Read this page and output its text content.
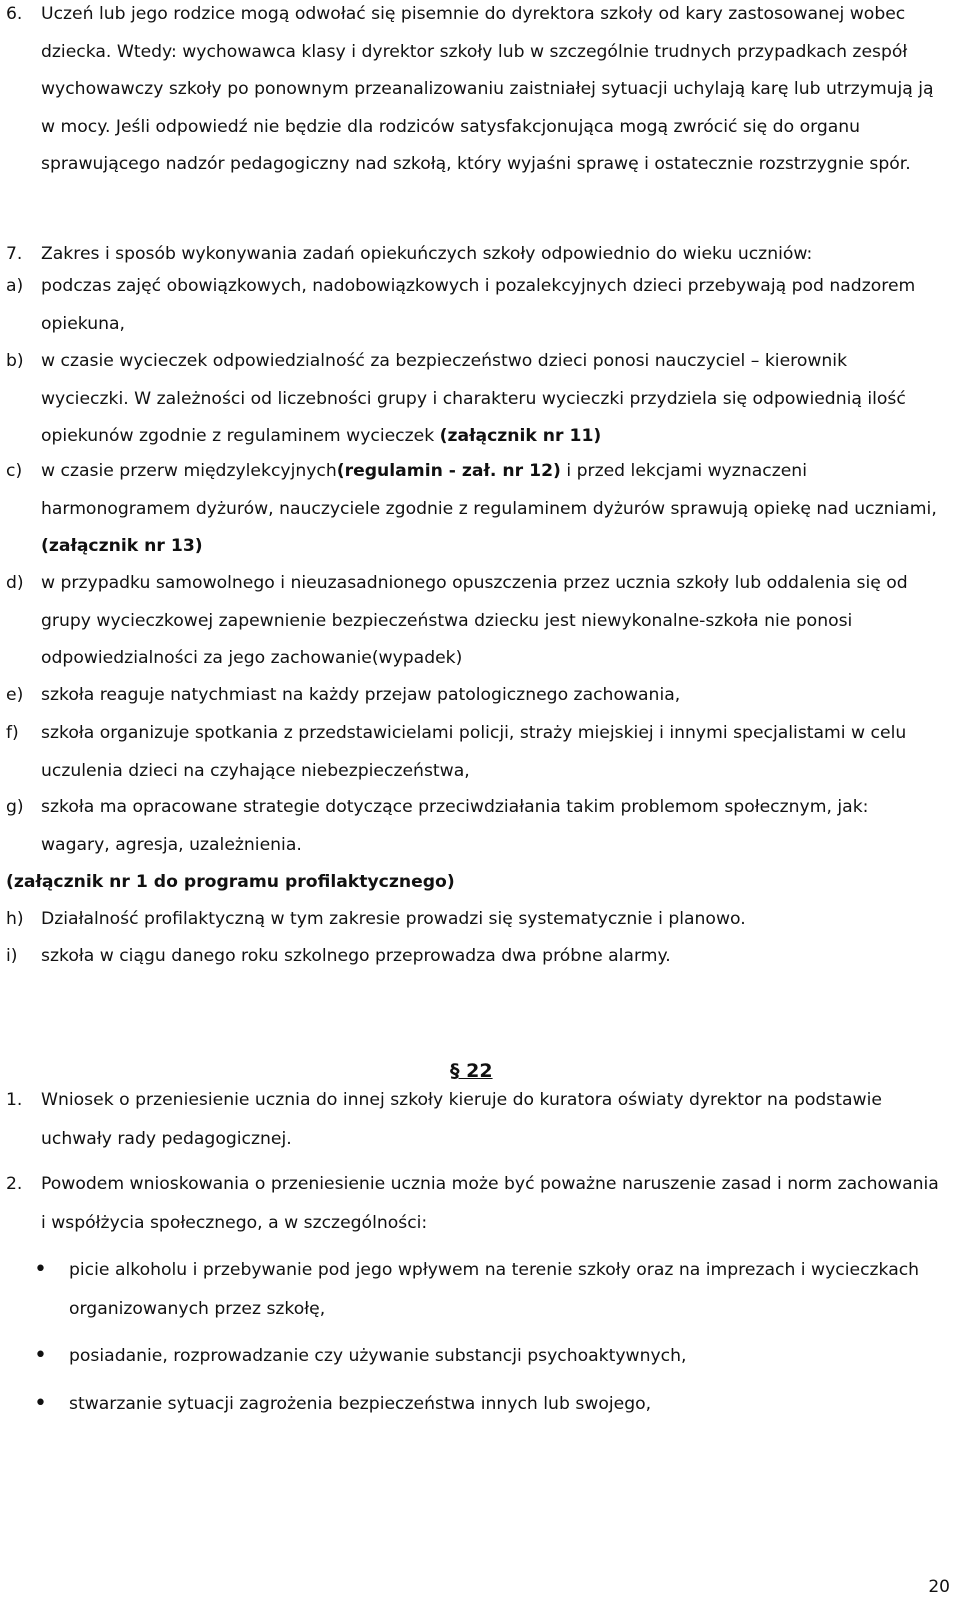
6. Uczeń lub jego rodzice mogą odwołać się pisemnie do dyrektora szkoły od kary zastosowanej wobec dziecka. Wtedy: wychowawca klasy i dyrektor szkoły lub w szczególnie trudnych przypadkach zespół wychowawczy szkoły po ponownym przeanalizowaniu zaistniałej sytuacji uchylają karę lub utrzymują ją w mocy. Jeśli odpowiedź nie będzie dla rodziców satysfakcjonująca mogą zwrócić się do organu sprawującego nadzór pedagogiczny nad szkołą, który wyjaśni sprawę i ostatecznie rozstrzygnie spór.
7. Zakres i sposób wykonywania zadań opiekuńczych szkoły odpowiednio do wieku uczniów:
a) podczas zajęć obowiązkowych, nadobowiązkowych i pozalekcyjnych dzieci przebywają pod nadzorem opiekuna,
b) w czasie wycieczek odpowiedzialność za bezpieczeństwo dzieci ponosi nauczyciel – kierownik wycieczki. W zależności od liczebności grupy i charakteru wycieczki przydziela się odpowiednią ilość opiekunów zgodnie z regulaminem wycieczek (załącznik nr 11)
c) w czasie przerw międzylekcyjnych(regulamin - zał. nr 12) i przed lekcjami wyznaczeni harmonogramem dyżurów, nauczyciele zgodnie z regulaminem dyżurów sprawują opiekę nad uczniami,(załącznik nr 13)
d) w przypadku samowolnego i nieuzasadnionego opuszczenia przez ucznia szkoły lub oddalenia się od grupy wycieczkowej zapewnienie bezpieczeństwa dziecku jest niewykonalne-szkoła nie ponosi odpowiedzialności za jego zachowanie(wypadek)
e) szkoła reaguje natychmiast na każdy przejaw patologicznego zachowania,
f) szkoła organizuje spotkania z przedstawicielami policji, straży miejskiej i innymi specjalistami w celu uczulenia dzieci na czyhające niebezpieczeństwa,
g) szkoła ma opracowane strategie dotyczące przeciwdziałania takim problemom społecznym, jak: wagary, agresja, uzależnienia.
(załącznik nr 1 do programu profilaktycznego)
h) Działalność profilaktyczną w tym zakresie prowadzi się systematycznie i planowo.
i) szkoła w ciągu danego roku szkolnego przeprowadza dwa próbne alarmy.
§ 22
1. Wniosek o przeniesienie ucznia do innej szkoły kieruje do kuratora oświaty dyrektor na podstawie uchwały rady pedagogicznej.
2. Powodem wnioskowania o przeniesienie ucznia może być poważne naruszenie zasad i norm zachowania i współżycia społecznego, a w szczególności:
• picie alkoholu i przebywanie pod jego wpływem na terenie szkoły oraz na imprezach i wycieczkach organizowanych przez szkołę,
• posiadanie, rozprowadzanie czy używanie substancji psychoaktywnych,
• stwarzanie sytuacji zagrożenia bezpieczeństwa innych lub swojego,
20
